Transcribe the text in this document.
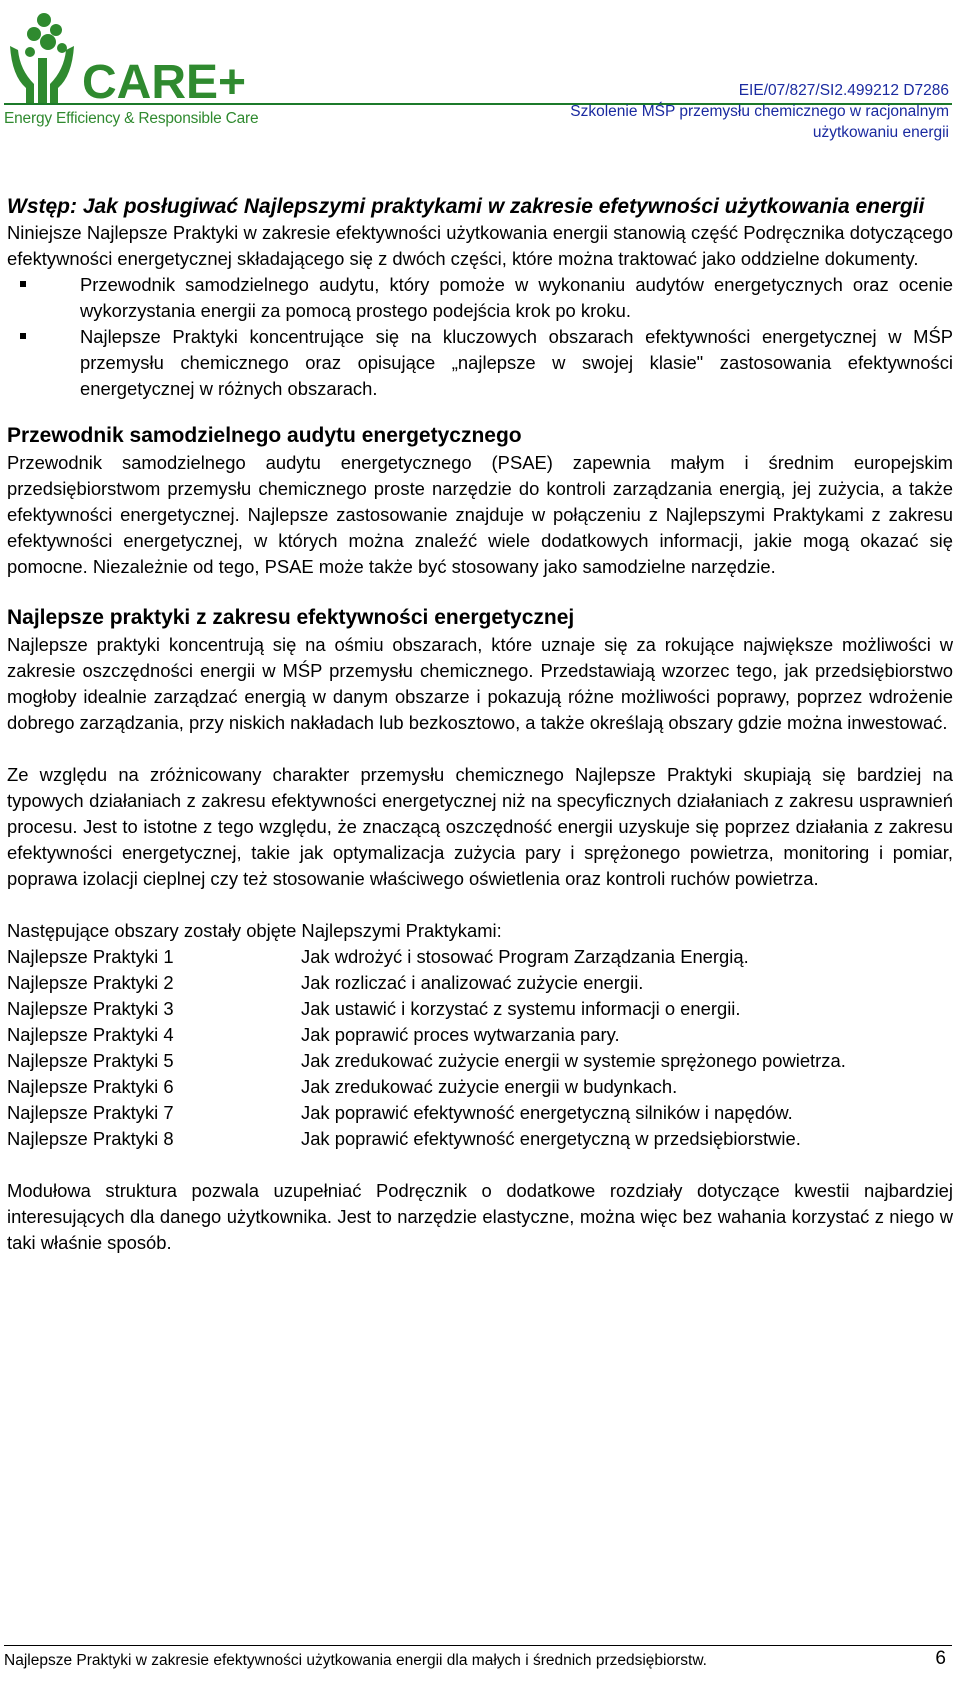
CARE+
Energy Efficiency & Responsible Care
EIE/07/827/SI2.499212 D7286
Szkolenie MŚP przemysłu chemicznego w racjonalnym użytkowaniu energii
Wstęp: Jak posługiwać Najlepszymi praktykami w zakresie efetywności użytkowania energii

Niniejsze Najlepsze Praktyki w zakresie efektywności użytkowania energii stanowią część Podręcznika dotyczącego efektywności energetycznej składającego się z dwóch części, które można traktować jako oddzielne dokumenty.

Przewodnik samodzielnego audytu, który pomoże w wykonaniu audytów energetycznych oraz ocenie wykorzystania energii za pomocą prostego podejścia krok po kroku.
Najlepsze Praktyki koncentrujące się na kluczowych obszarach efektywności energetycznej w MŚP przemysłu chemicznego oraz opisujące „najlepsze w swojej klasie" zastosowania efektywności energetycznej w różnych obszarach.
Przewodnik samodzielnego audytu energetycznego

Przewodnik samodzielnego audytu energetycznego (PSAE) zapewnia małym i średnim europejskim przedsiębiorstwom przemysłu chemicznego proste narzędzie do kontroli zarządzania energią, jej zużycia, a także efektywności energetycznej. Najlepsze zastosowanie znajduje w połączeniu z Najlepszymi Praktykami z zakresu efektywności energetycznej, w których można znaleźć wiele dodatkowych informacji, jakie mogą okazać się pomocne. Niezależnie od tego, PSAE może także być stosowany jako samodzielne narzędzie.

Najlepsze praktyki z zakresu efektywności energetycznej

Najlepsze praktyki koncentrują się na ośmiu obszarach, które uznaje się za rokujące największe możliwości w zakresie oszczędności energii w MŚP przemysłu chemicznego. Przedstawiają wzorzec tego, jak przedsiębiorstwo mogłoby idealnie zarządzać energią w danym obszarze i pokazują różne możliwości poprawy, poprzez wdrożenie dobrego zarządzania, przy niskich nakładach lub bezkosztowo, a także określają obszary gdzie można inwestować.

Ze względu na zróżnicowany charakter przemysłu chemicznego Najlepsze Praktyki skupiają się bardziej na typowych działaniach z zakresu efektywności energetycznej niż na specyficznych działaniach z zakresu usprawnień procesu. Jest to istotne z tego względu, że znaczącą oszczędność energii uzyskuje się poprzez działania z zakresu efektywności energetycznej, takie jak optymalizacja zużycia pary i sprężonego powietrza, monitoring i pomiar, poprawa izolacji cieplnej czy też stosowanie właściwego oświetlenia oraz kontroli ruchów powietrza.

Następujące obszary zostały objęte Najlepszymi Praktykami:

Najlepsze Praktyki 1	Jak wdrożyć i stosować Program Zarządzania Energią.
Najlepsze Praktyki 2	Jak rozliczać i analizować zużycie energii.
Najlepsze Praktyki 3	Jak ustawić i korzystać z systemu informacji o energii.
Najlepsze Praktyki 4	Jak poprawić proces wytwarzania pary.
Najlepsze Praktyki 5	Jak zredukować zużycie energii w systemie sprężonego powietrza.
Najlepsze Praktyki 6	Jak zredukować zużycie energii w budynkach.
Najlepsze Praktyki 7	Jak poprawić efektywność energetyczną silników i napędów.
Najlepsze Praktyki 8	Jak poprawić efektywność energetyczną w przedsiębiorstwie.

Modułowa struktura pozwala uzupełniać Podręcznik o dodatkowe rozdziały dotyczące kwestii najbardziej interesujących dla danego użytkownika. Jest to narzędzie elastyczne, można więc bez wahania korzystać z niego w taki właśnie sposób.

Najlepsze Praktyki w zakresie efektywności użytkowania energii dla małych i średnich przedsiębiorstw.	6
